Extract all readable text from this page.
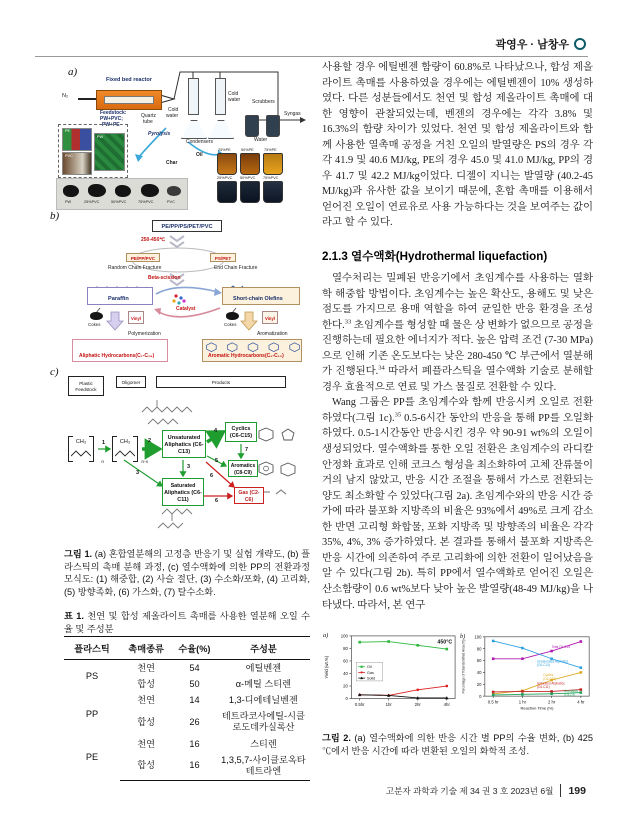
곽영우 · 남창우
a)
Fixed bed reactor
N₂
Feedstock:
PW+PVC;
PW+PE
Quartz
tube
Cold
water
Cold
water
Condensers
Scrubbers
Water
Syngas
Pyrolysis
Char
Oil
PE
PVC
PW
PW	25%PVC	50%PVC	75%PVC	PVC
25%PE	50%PE	75%PE
25%PVC 50%PVC 75%PVC
b)
PE/PP/PS/PET/PVC
250-450℃
PE/PP/PVC	PS/PET
Random Chain Fracture	End Chain Fracture
Beta-scission
Paraffin	Short-chain Olefins
Catalyst
Cokes
Vinyl
Polymerization
Cokes
Vinyl
Aromatization
Aliphatic Hydrocarbons(C₇-C₂₈)	Aromatic Hydrocarbons(C₆-C₁₂)
c)
Plastic Feedstock
Oligomer	Products
CH₃
n
CH₃
n-x
1	2
4
5
7
3
3	6
6
Unsaturated Aliphatics (C6-C13)
Cyclics (C6-C15)
Aromatics (C8-C9)
Saturated Aliphatics (C6-C11)
Gas (C2-C6)
그림 1. (a) 혼합열분해의 고정층 반응기 및 실험 개략도, (b) 플라스틱의 촉매 분해 과정, (c) 열수액화에 의한 PP의 전환과정 모식도: (1) 해중합, (2) 사슬 절단, (3) 수소화/포화, (4) 고리화, (5) 방향족화, (6) 가스화, (7) 탈수소화.
표 1. 천연 및 합성 제올라이트 촉매를 사용한 열분해 오일 수율 및 주성분
플라스틱	촉매종류	수율(%)	주성분
PS	천연	54	에틸벤젠
	합성	50	α-메틸 스티렌
PP	천연	14	1,3-디에테닐벤젠
	합성	26	테트라코사에틸-시클로도데카실록산
PE	천연	16	스티렌
	합성	16	1,3,5,7-사이클로옥타테트라엔

사용할 경우 에틸벤젠 함량이 60.8%로 나타났으나, 합성 제올라이트 촉매를 사용하였을 경우에는 에틸벤젠이 10% 생성하였다. 다른 성분들에서도 천연 및 합성 제올라이트 촉매에 대한 영향이 관찰되었는데, 벤젠의 경우에는 각각 3.8% 및 16.3%의 함량 차이가 있었다. 천연 및 합성 제올라이트와 함께 사용한 열촉매 공정을 거친 오일의 발열량은 PS의 경우 각각 41.9 및 40.6 MJ/kg, PE의 경우 45.0 및 41.0 MJ/kg, PP의 경우 41.7 및 42.2 MJ/kg이었다. 디젤이 지니는 발열량 (40.2-45 MJ/kg)과 유사한 값을 보이기 때문에, 혼합 촉매를 이용해서 얻어진 오일이 연료유로 사용 가능하다는 것을 보여주는 값이라고 할 수 있다.

2.1.3 열수액화(Hydrothermal liquefaction)

열수처리는 밀폐된 반응기에서 초임계수를 사용하는 열화학 해중합 방법이다. 초임계수는 높은 확산도, 용해도 및 낮은 점도를 가지므로 용매 역할을 하여 균일한 반응 환경을 조성한다.$^{33}$ 초임계수를 형성할 때 물은 상 변화가 없으므로 공정을 진행하는데 필요한 에너지가 적다. 높은 압력 조건 (7-30 MPa)으로 인해 기존 온도보다는 낮은 280-450 ℃ 부근에서 열분해가 진행된다.$^{34}$ 따라서 폐플라스틱을 열수액화 기술로 분해할 경우 효율적으로 연료 및 가스 물질로 전환할 수 있다.

Wang 그룹은 PP를 초임계수와 함께 반응시켜 오일로 전환하였다(그림 1c).$^{35}$ 0.5-6시간 동안의 반응을 통해 PP를 오일화하였다. 0.5-1시간동안 반응시킨 경우 약 90-91 wt%의 오일이 생성되었다. 열수액화를 통한 오일 전환은 초임계수의 라디칼 안정화 효과로 인해 코크스 형성을 최소화하여 고체 잔류물이 거의 남지 않았고, 반응 시간 조절을 통해서 가스로 전환되는 양도 최소화할 수 있었다(그림 2a). 초임계수와의 반응 시간 증가에 따라 불포화 지방족의 비율은 93%에서 49%로 크게 감소한 반면 고리형 화합물, 포화 지방족 및 방향족의 비율은 각각 35%, 4%, 3% 증가하였다. 본 결과를 통해서 불포화 지방족은 반응 시간에 의존하여 주로 고리화에 의한 전환이 일어났음을 알 수 있다(그림 2b). 특히 PP에서 열수액화로 얻어진 오일은 산소함량이 0.6 wt%보다 낮아 높은 발열량(48-49 MJ/kg)을 나타냈다. 따라서, 본 연구

0
20
40
60
80
100
0.5hr	1hr	2hr	4hr
Yield (wt.%)
a)
450°C
Oil
Gas
Solid
0
20
40
60
80
100
0.5 hr	1 hr	2 hr	4 hr
Percentage of Total Identified Area (%)
Reaction Time (hr)
b)
Total C6-C15
Unsaturated Aliphatics
(C6-C13)
Cyclics
(C6-C15)
Saturated Aliphatics
(C6-C11)
Aromatics
(C8-C9)
그림 2. (a) 열수액화에 의한 반응 시간 별 PP의 수율 변화, (b) 425 ℃에서 반응 시간에 따라 변환된 오일의 화학적 조성.
고분자 과학과 기술 제 34 권 3 호 2023년 6월 199
